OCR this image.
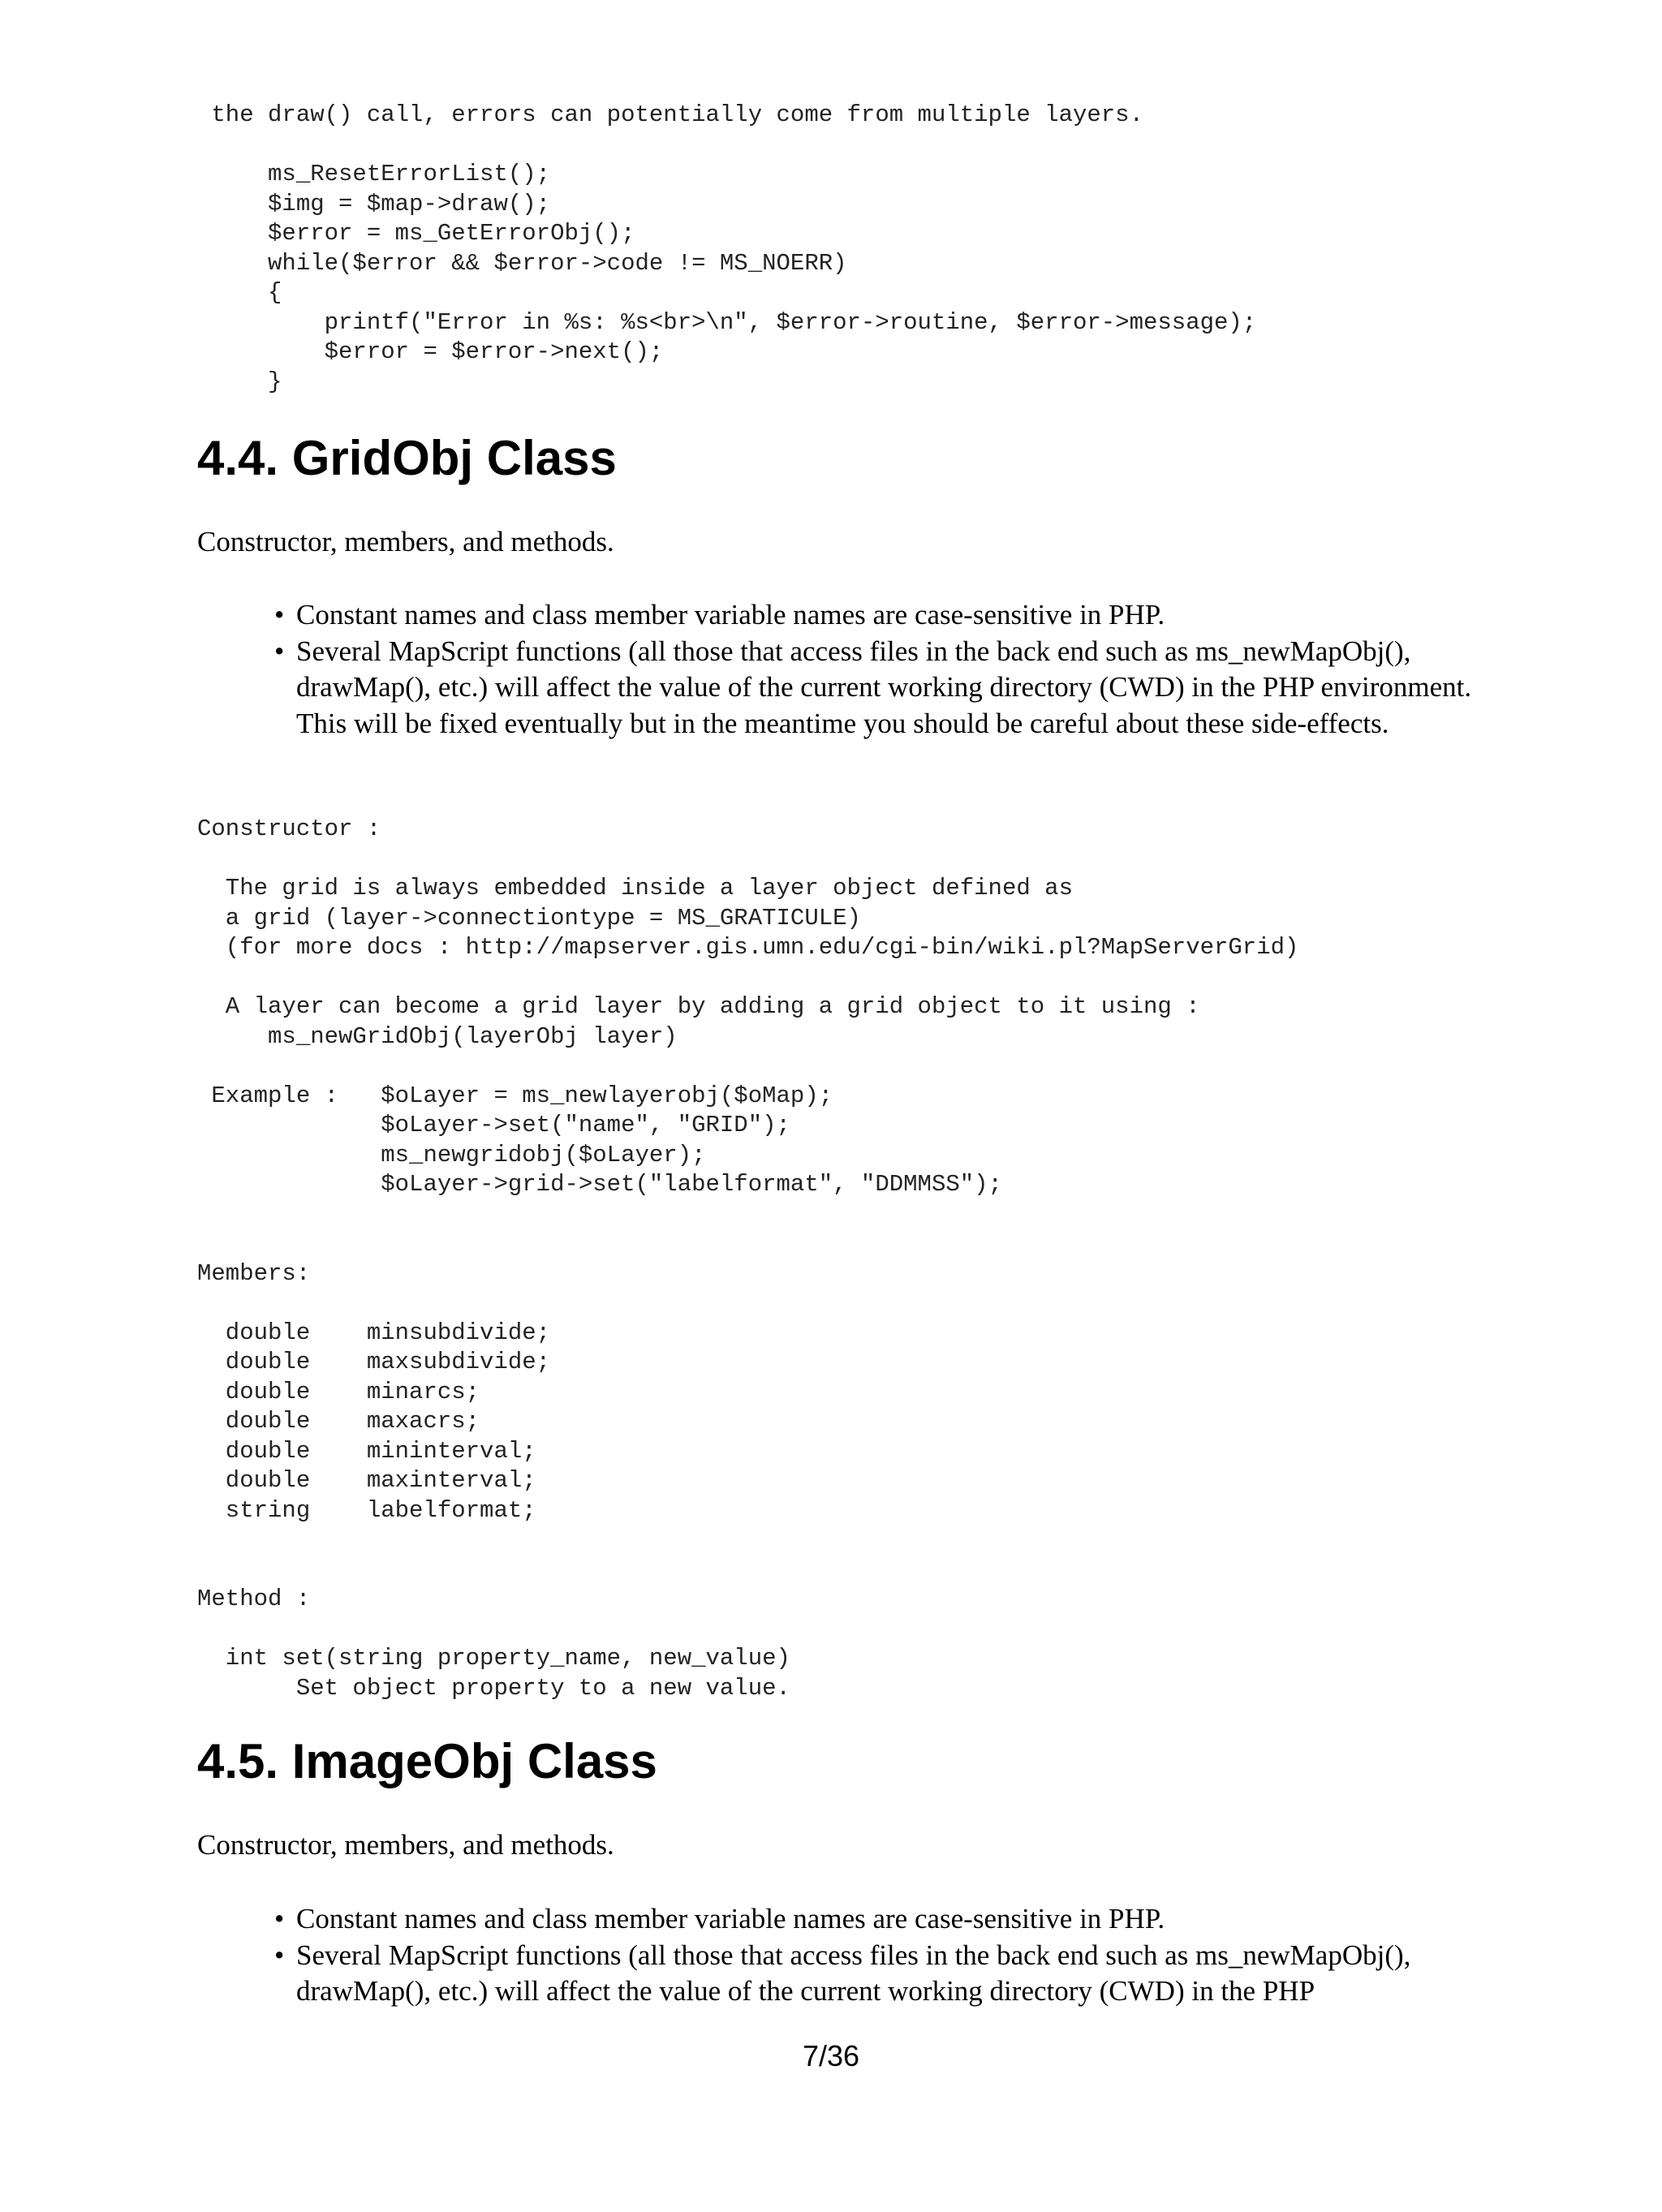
the draw() call, errors can potentially come from multiple layers.

ms_ResetErrorList();
$img = $map->draw();
$error = ms_GetErrorObj();
while($error && $error->code != MS_NOERR)
{
printf("Error in %s: %s<br>\n", $error->routine, $error->message);
$error = $error->next();
}
4.4. GridObj Class

Constructor, members, and methods.

• Constant names and class member variable names are case-sensitive in PHP.
• Several MapScript functions (all those that access files in the back end such as ms_newMapObj(), drawMap(), etc.) will affect the value of the current working directory (CWD) in the PHP environment. This will be fixed eventually but in the meantime you should be careful about these side-effects.
Constructor :

The grid is always embedded inside a layer object defined as
a grid (layer->connectiontype = MS_GRATICULE)
(for more docs : http://mapserver.gis.umn.edu/cgi-bin/wiki.pl?MapServerGrid)

A layer can become a grid layer by adding a grid object to it using :
ms_newGridObj(layerObj layer)

Example :   $oLayer = ms_newlayerobj($oMap);
$oLayer->set("name", "GRID");
ms_newgridobj($oLayer);
$oLayer->grid->set("labelformat", "DDMMSS");

Members:

double    minsubdivide;
double    maxsubdivide;
double    minarcs;
double    maxacrs;
double    mininterval;
double    maxinterval;
string    labelformat;

Method :

int set(string property_name, new_value)
Set object property to a new value.
4.5. ImageObj Class

Constructor, members, and methods.

• Constant names and class member variable names are case-sensitive in PHP.
• Several MapScript functions (all those that access files in the back end such as ms_newMapObj(), drawMap(), etc.) will affect the value of the current working directory (CWD) in the PHP
7/36
